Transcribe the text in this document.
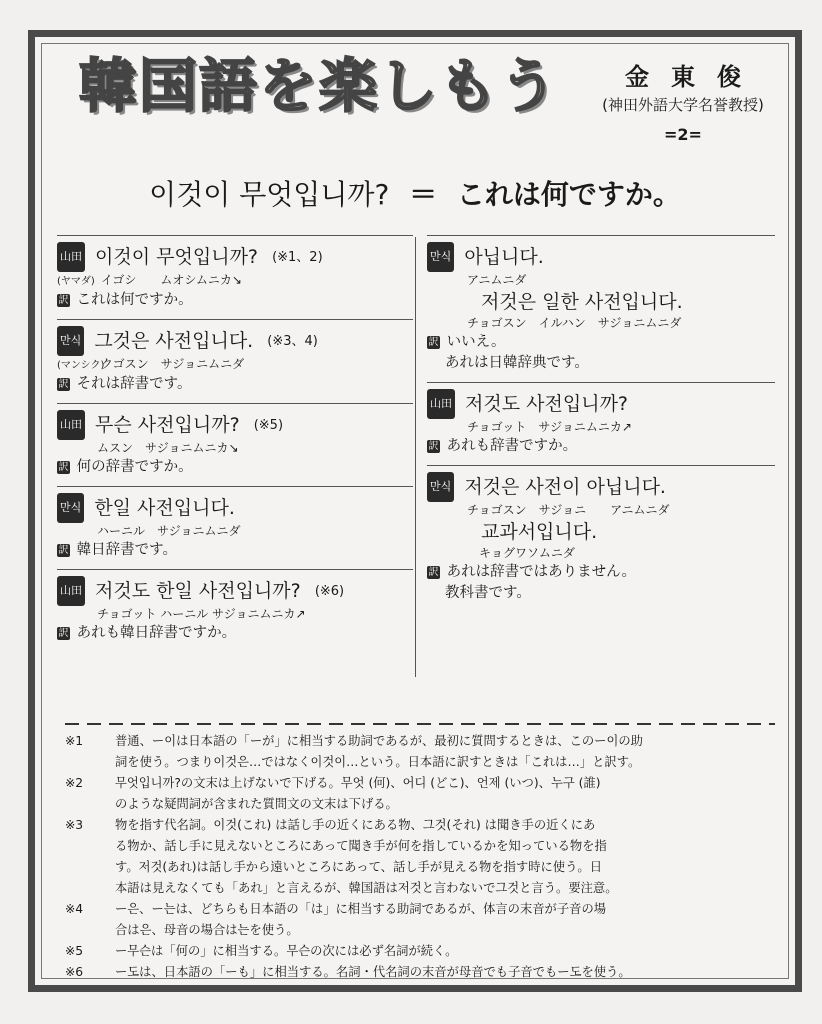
韓国語を楽しもう	金東俊
(神田外語大学名誉教授)
=2=
이것이 무엇입니까? ＝ これは何ですか。
山田 이것이 무엇입니까? (※1、2)
(ヤマダ) イゴシ　　ムオシムニカ↘
訳 これは何ですか。
만식 그것은 사전입니다. (※3、4)
(マンシク) クゴスン　サジョニムニダ
訳 それは辞書です。
山田 무슨 사전입니까? (※5)
ムスン　サジョニムニカ↘
訳 何の辞書ですか。
만식 한일 사전입니다.
ハーニル　サジョニムニダ
訳 韓日辞書です。
山田 저것도 한일 사전입니까? (※6)
チョゴット ハーニル サジョニムニカ↗
訳 あれも韓日辞書ですか。
만식 아닙니다.
アニムニダ
저것은 일한 사전입니다.
チョゴスン　イルハン　サジョニムニダ
訳 いいえ。
あれは日韓辞典です。
山田 저것도 사전입니까?
チョゴット　サジョニムニカ↗
訳 あれも辞書ですか。
만식 저것은 사전이 아닙니다.
チョゴスン　サジョニ　　アニムニダ
교과서입니다.
キョグワソムニダ
訳 あれは辞書ではありません。
教科書です。
※1	普通、ー이は日本語の「ーが」に相当する助詞であるが、最初に質問するときは、このー이の助
詞を使う。つまり이것은…ではなく이것이…という。日本語に訳すときは「これは…」と訳す。
※2	무엇입니까?の文末は上げないで下げる。무엇 (何)、어디 (どこ)、언제 (いつ)、누구 (誰)
のような疑問詞が含まれた質問文の文末は下げる。
※3	物を指す代名詞。이것(これ) は話し手の近くにある物、그것(それ) は聞き手の近くにあ
る物か、話し手に見えないところにあって聞き手が何を指しているかを知っている物を指
す。저것(あれ)は話し手から遠いところにあって、話し手が見える物を指す時に使う。日
本語は見えなくても「あれ」と言えるが、韓国語は저것と言わないで그것と言う。要注意。
※4	ー은、ー는は、どちらも日本語の「は」に相当する助詞であるが、体言の末音が子音の場
合は은、母音の場合は는を使う。
※5	ー무슨は「何の」に相当する。무슨の次には必ず名詞が続く。
※6	ー도は、日本語の「ーも」に相当する。名詞・代名詞の末音が母音でも子音でもー도を使う。
